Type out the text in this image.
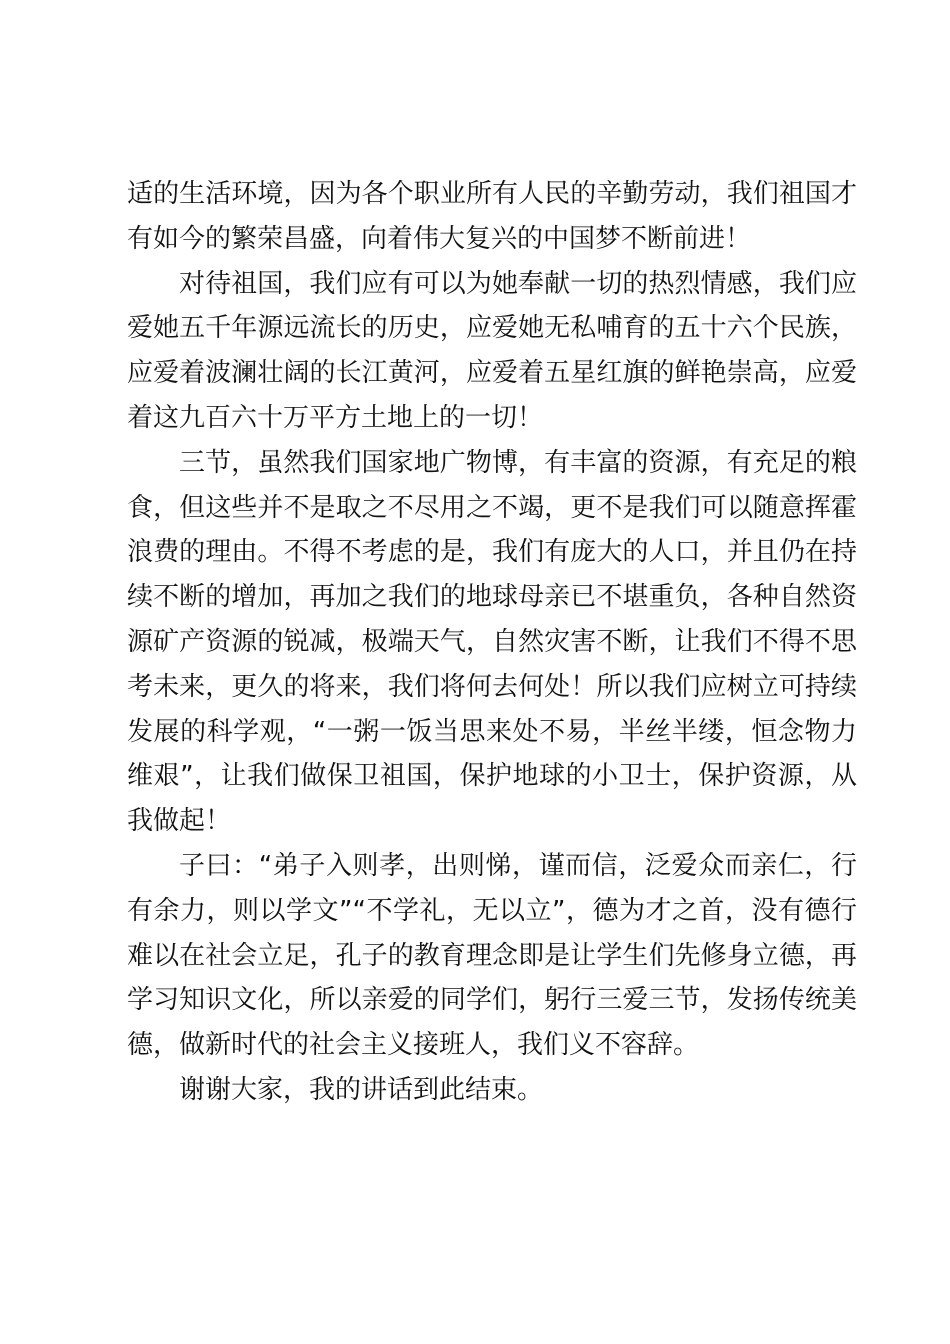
适的生活环境，因为各个职业所有人民的辛勤劳动，我们祖国才有如今的繁荣昌盛，向着伟大复兴的中国梦不断前进！

对待祖国，我们应有可以为她奉献一切的热烈情感，我们应爱她五千年源远流长的历史，应爱她无私哺育的五十六个民族，应爱着波澜壮阔的长江黄河，应爱着五星红旗的鲜艳崇高，应爱着这九百六十万平方土地上的一切！

三节，虽然我们国家地广物博，有丰富的资源，有充足的粮食，但这些并不是取之不尽用之不竭，更不是我们可以随意挥霍浪费的理由。不得不考虑的是，我们有庞大的人口，并且仍在持续不断的增加，再加之我们的地球母亲已不堪重负，各种自然资源矿产资源的锐减，极端天气，自然灾害不断，让我们不得不思考未来，更久的将来，我们将何去何处！所以我们应树立可持续发展的科学观，“一粥一饭当思来处不易，半丝半缕，恒念物力维艰”，让我们做保卫祖国，保护地球的小卫士，保护资源，从我做起！

子曰：“弟子入则孝，出则悌，谨而信，泛爱众而亲仁，行有余力，则以学文”“不学礼，无以立”，德为才之首，没有德行难以在社会立足，孔子的教育理念即是让学生们先修身立德，再学习知识文化，所以亲爱的同学们，躬行三爱三节，发扬传统美德，做新时代的社会主义接班人，我们义不容辞。

谢谢大家，我的讲话到此结束。
